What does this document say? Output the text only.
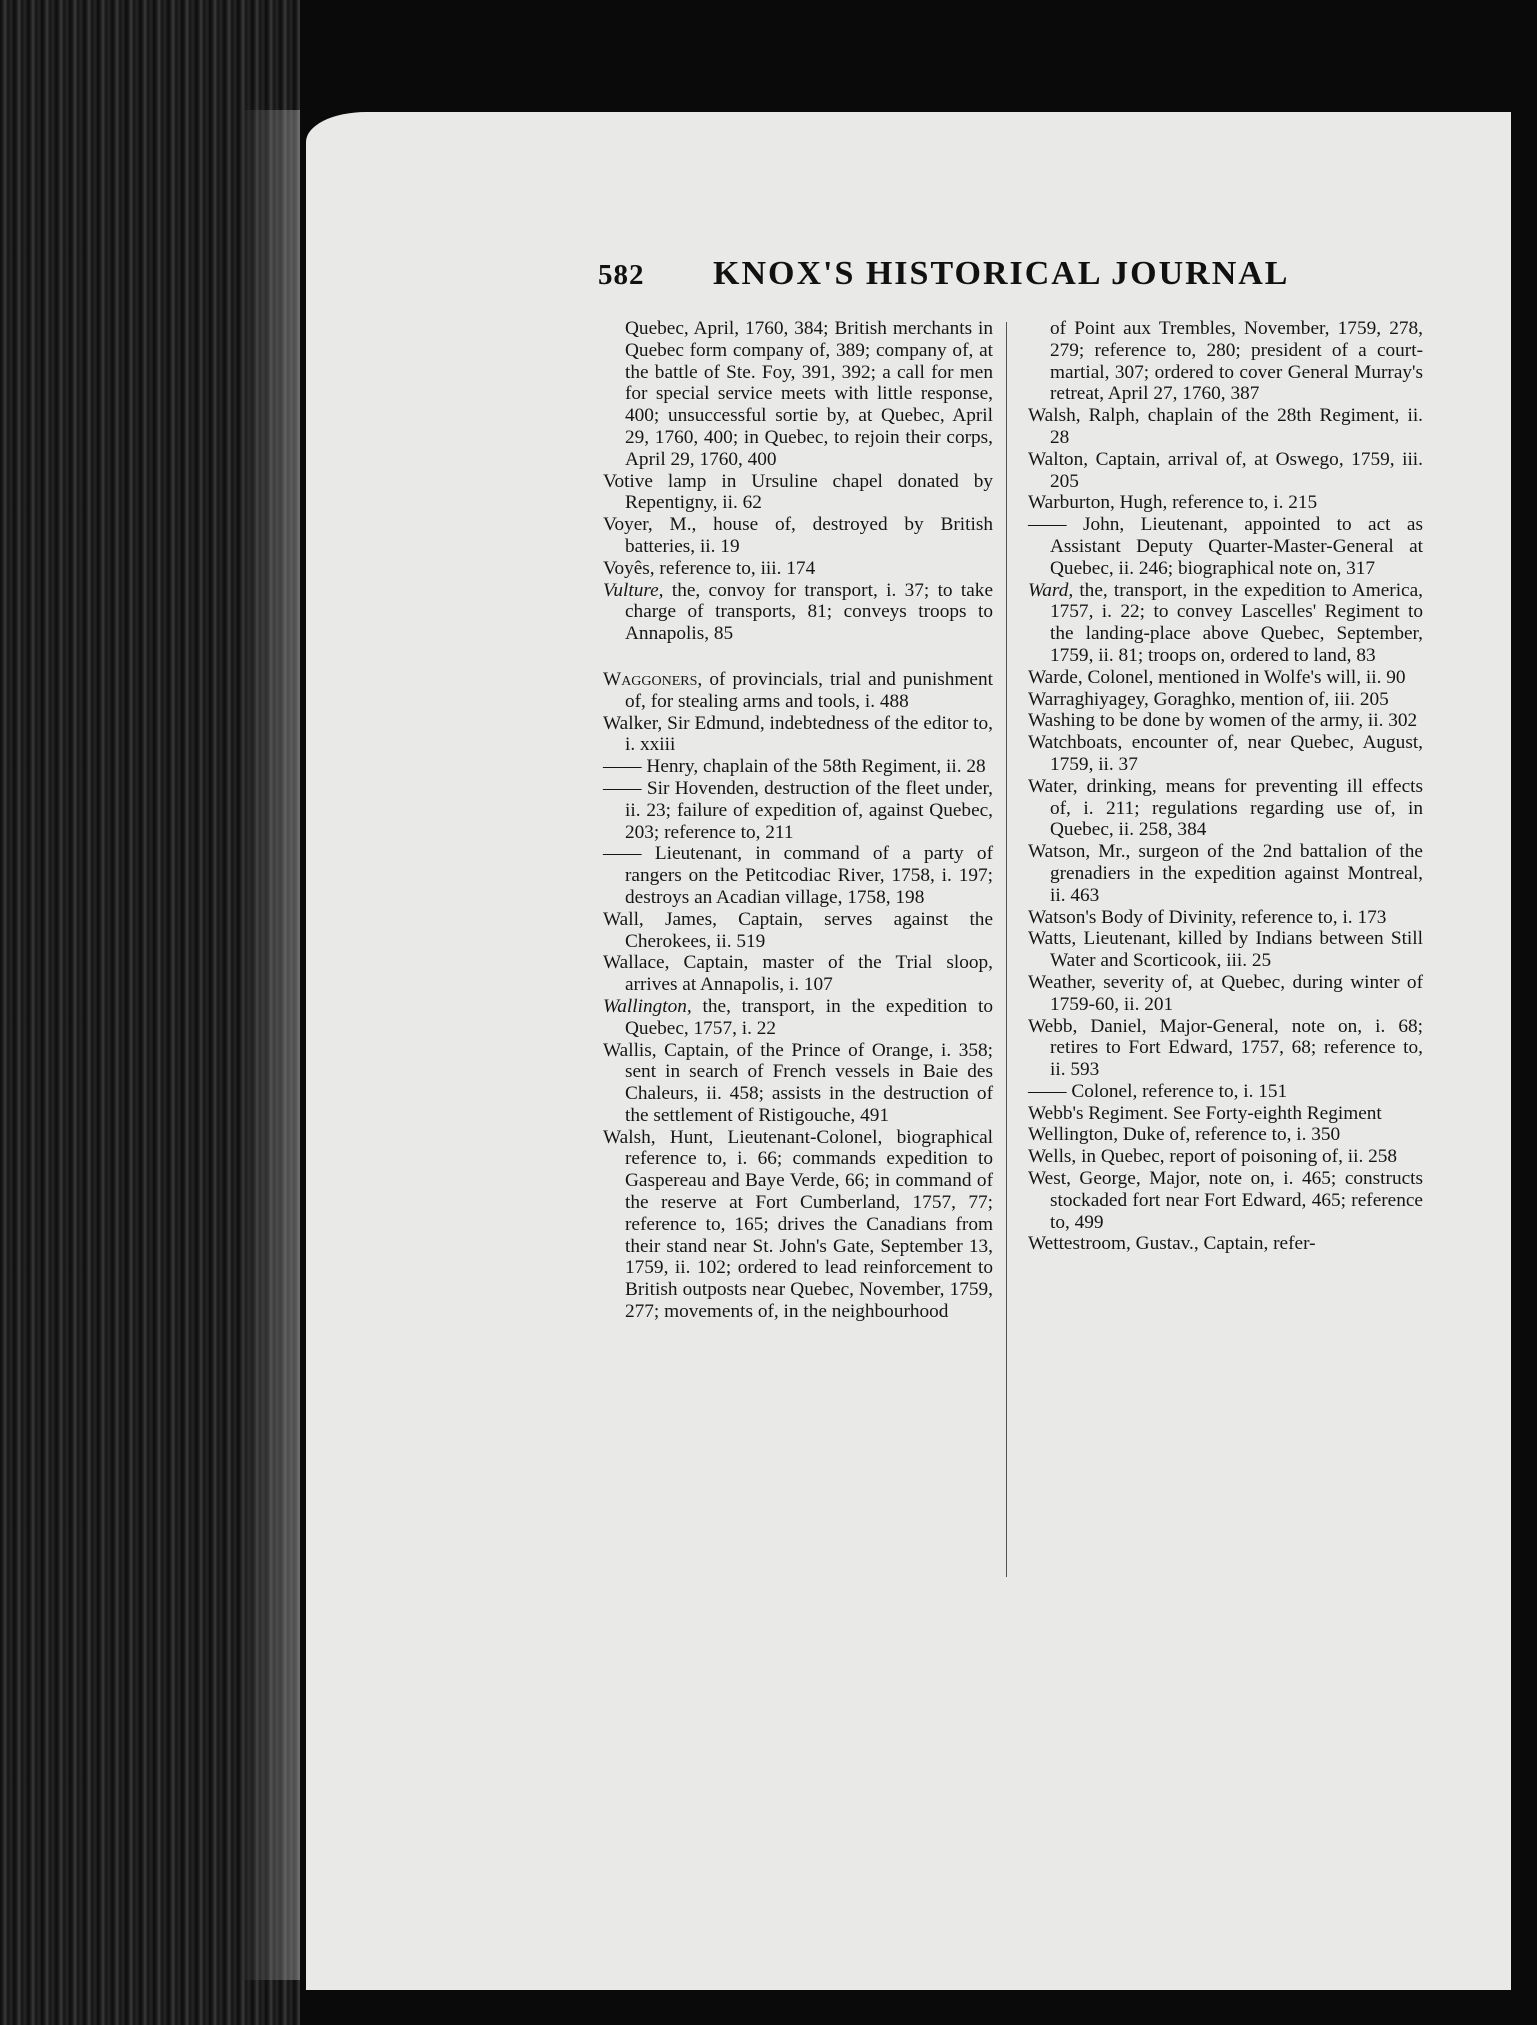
582 KNOX'S HISTORICAL JOURNAL

Quebec, April, 1760, 384; British merchants in Quebec form company of, 389; company of, at the battle of Ste. Foy, 391, 392; a call for men for special service meets with little response, 400; unsuccessful sortie by, at Quebec, April 29, 1760, 400; in Quebec, to rejoin their corps, April 29, 1760, 400

Votive lamp in Ursuline chapel donated by Repentigny, ii. 62

Voyer, M., house of, destroyed by British batteries, ii. 19

Voyês, reference to, iii. 174

Vulture, the, convoy for transport, i. 37; to take charge of transports, 81; conveys troops to Annapolis, 85

Waggoners, of provincials, trial and punishment of, for stealing arms and tools, i. 488

Walker, Sir Edmund, indebtedness of the editor to, i. xxiii

—— Henry, chaplain of the 58th Regiment, ii. 28

—— Sir Hovenden, destruction of the fleet under, ii. 23; failure of expedition of, against Quebec, 203; reference to, 211

—— Lieutenant, in command of a party of rangers on the Petitcodiac River, 1758, i. 197; destroys an Acadian village, 1758, 198

Wall, James, Captain, serves against the Cherokees, ii. 519

Wallace, Captain, master of the Trial sloop, arrives at Annapolis, i. 107

Wallington, the, transport, in the expedition to Quebec, 1757, i. 22

Wallis, Captain, of the Prince of Orange, i. 358; sent in search of French vessels in Baie des Chaleurs, ii. 458; assists in the destruction of the settlement of Ristigouche, 491

Walsh, Hunt, Lieutenant-Colonel, biographical reference to, i. 66; commands expedition to Gaspereau and Baye Verde, 66; in command of the reserve at Fort Cumberland, 1757, 77; reference to, 165; drives the Canadians from their stand near St. John's Gate, September 13, 1759, ii. 102; ordered to lead reinforcement to British outposts near Quebec, November, 1759, 277; movements of, in the neighbourhood

of Point aux Trembles, November, 1759, 278, 279; reference to, 280; president of a court-martial, 307; ordered to cover General Murray's retreat, April 27, 1760, 387

Walsh, Ralph, chaplain of the 28th Regiment, ii. 28

Walton, Captain, arrival of, at Oswego, 1759, iii. 205

Warburton, Hugh, reference to, i. 215

—— John, Lieutenant, appointed to act as Assistant Deputy Quarter-Master-General at Quebec, ii. 246; biographical note on, 317

Ward, the, transport, in the expedition to America, 1757, i. 22; to convey Lascelles' Regiment to the landing-place above Quebec, September, 1759, ii. 81; troops on, ordered to land, 83

Warde, Colonel, mentioned in Wolfe's will, ii. 90

Warraghiyagey, Goraghko, mention of, iii. 205

Washing to be done by women of the army, ii. 302

Watchboats, encounter of, near Quebec, August, 1759, ii. 37

Water, drinking, means for preventing ill effects of, i. 211; regulations regarding use of, in Quebec, ii. 258, 384

Watson, Mr., surgeon of the 2nd battalion of the grenadiers in the expedition against Montreal, ii. 463

Watson's Body of Divinity, reference to, i. 173

Watts, Lieutenant, killed by Indians between Still Water and Scorticook, iii. 25

Weather, severity of, at Quebec, during winter of 1759-60, ii. 201

Webb, Daniel, Major-General, note on, i. 68; retires to Fort Edward, 1757, 68; reference to, ii. 593

—— Colonel, reference to, i. 151

Webb's Regiment. See Forty-eighth Regiment

Wellington, Duke of, reference to, i. 350

Wells, in Quebec, report of poisoning of, ii. 258

West, George, Major, note on, i. 465; constructs stockaded fort near Fort Edward, 465; reference to, 499

Wettestroom, Gustav., Captain, refer-
